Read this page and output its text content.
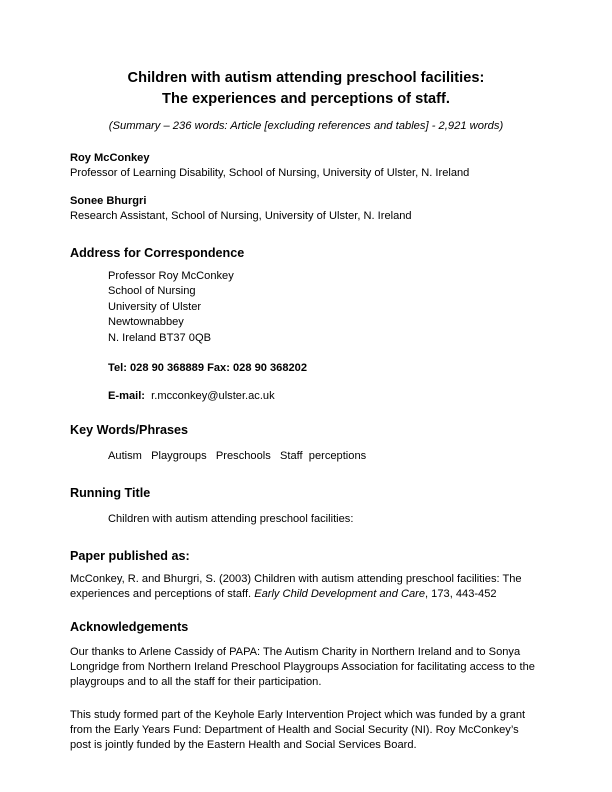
Children with autism attending preschool facilities:
The experiences and perceptions of staff.
(Summary – 236 words: Article [excluding references and tables] - 2,921 words)
Roy McConkey
Professor of Learning Disability, School of Nursing, University of Ulster, N. Ireland
Sonee Bhurgri
Research Assistant, School of Nursing, University of Ulster, N. Ireland
Address for Correspondence
Professor Roy McConkey
School of Nursing
University of Ulster
Newtownabbey
N. Ireland BT37 0QB
Tel: 028 90 368889 Fax: 028 90 368202
E-mail: r.mcconkey@ulster.ac.uk
Key Words/Phrases
Autism   Playgroups   Preschools   Staff  perceptions
Running Title
Children with autism attending preschool facilities:
Paper published as:
McConkey, R. and Bhurgri, S. (2003) Children with autism attending preschool facilities: The experiences and perceptions of staff. Early Child Development and Care, 173, 443-452
Acknowledgements
Our thanks to Arlene Cassidy of PAPA: The Autism Charity in Northern Ireland and to Sonya Longridge from Northern Ireland Preschool Playgroups Association for facilitating access to the playgroups and to all the staff for their participation.
This study formed part of the Keyhole Early Intervention Project which was funded by a grant from the Early Years Fund: Department of Health and Social Security (NI). Roy McConkey’s post is jointly funded by the Eastern Health and Social Services Board.
